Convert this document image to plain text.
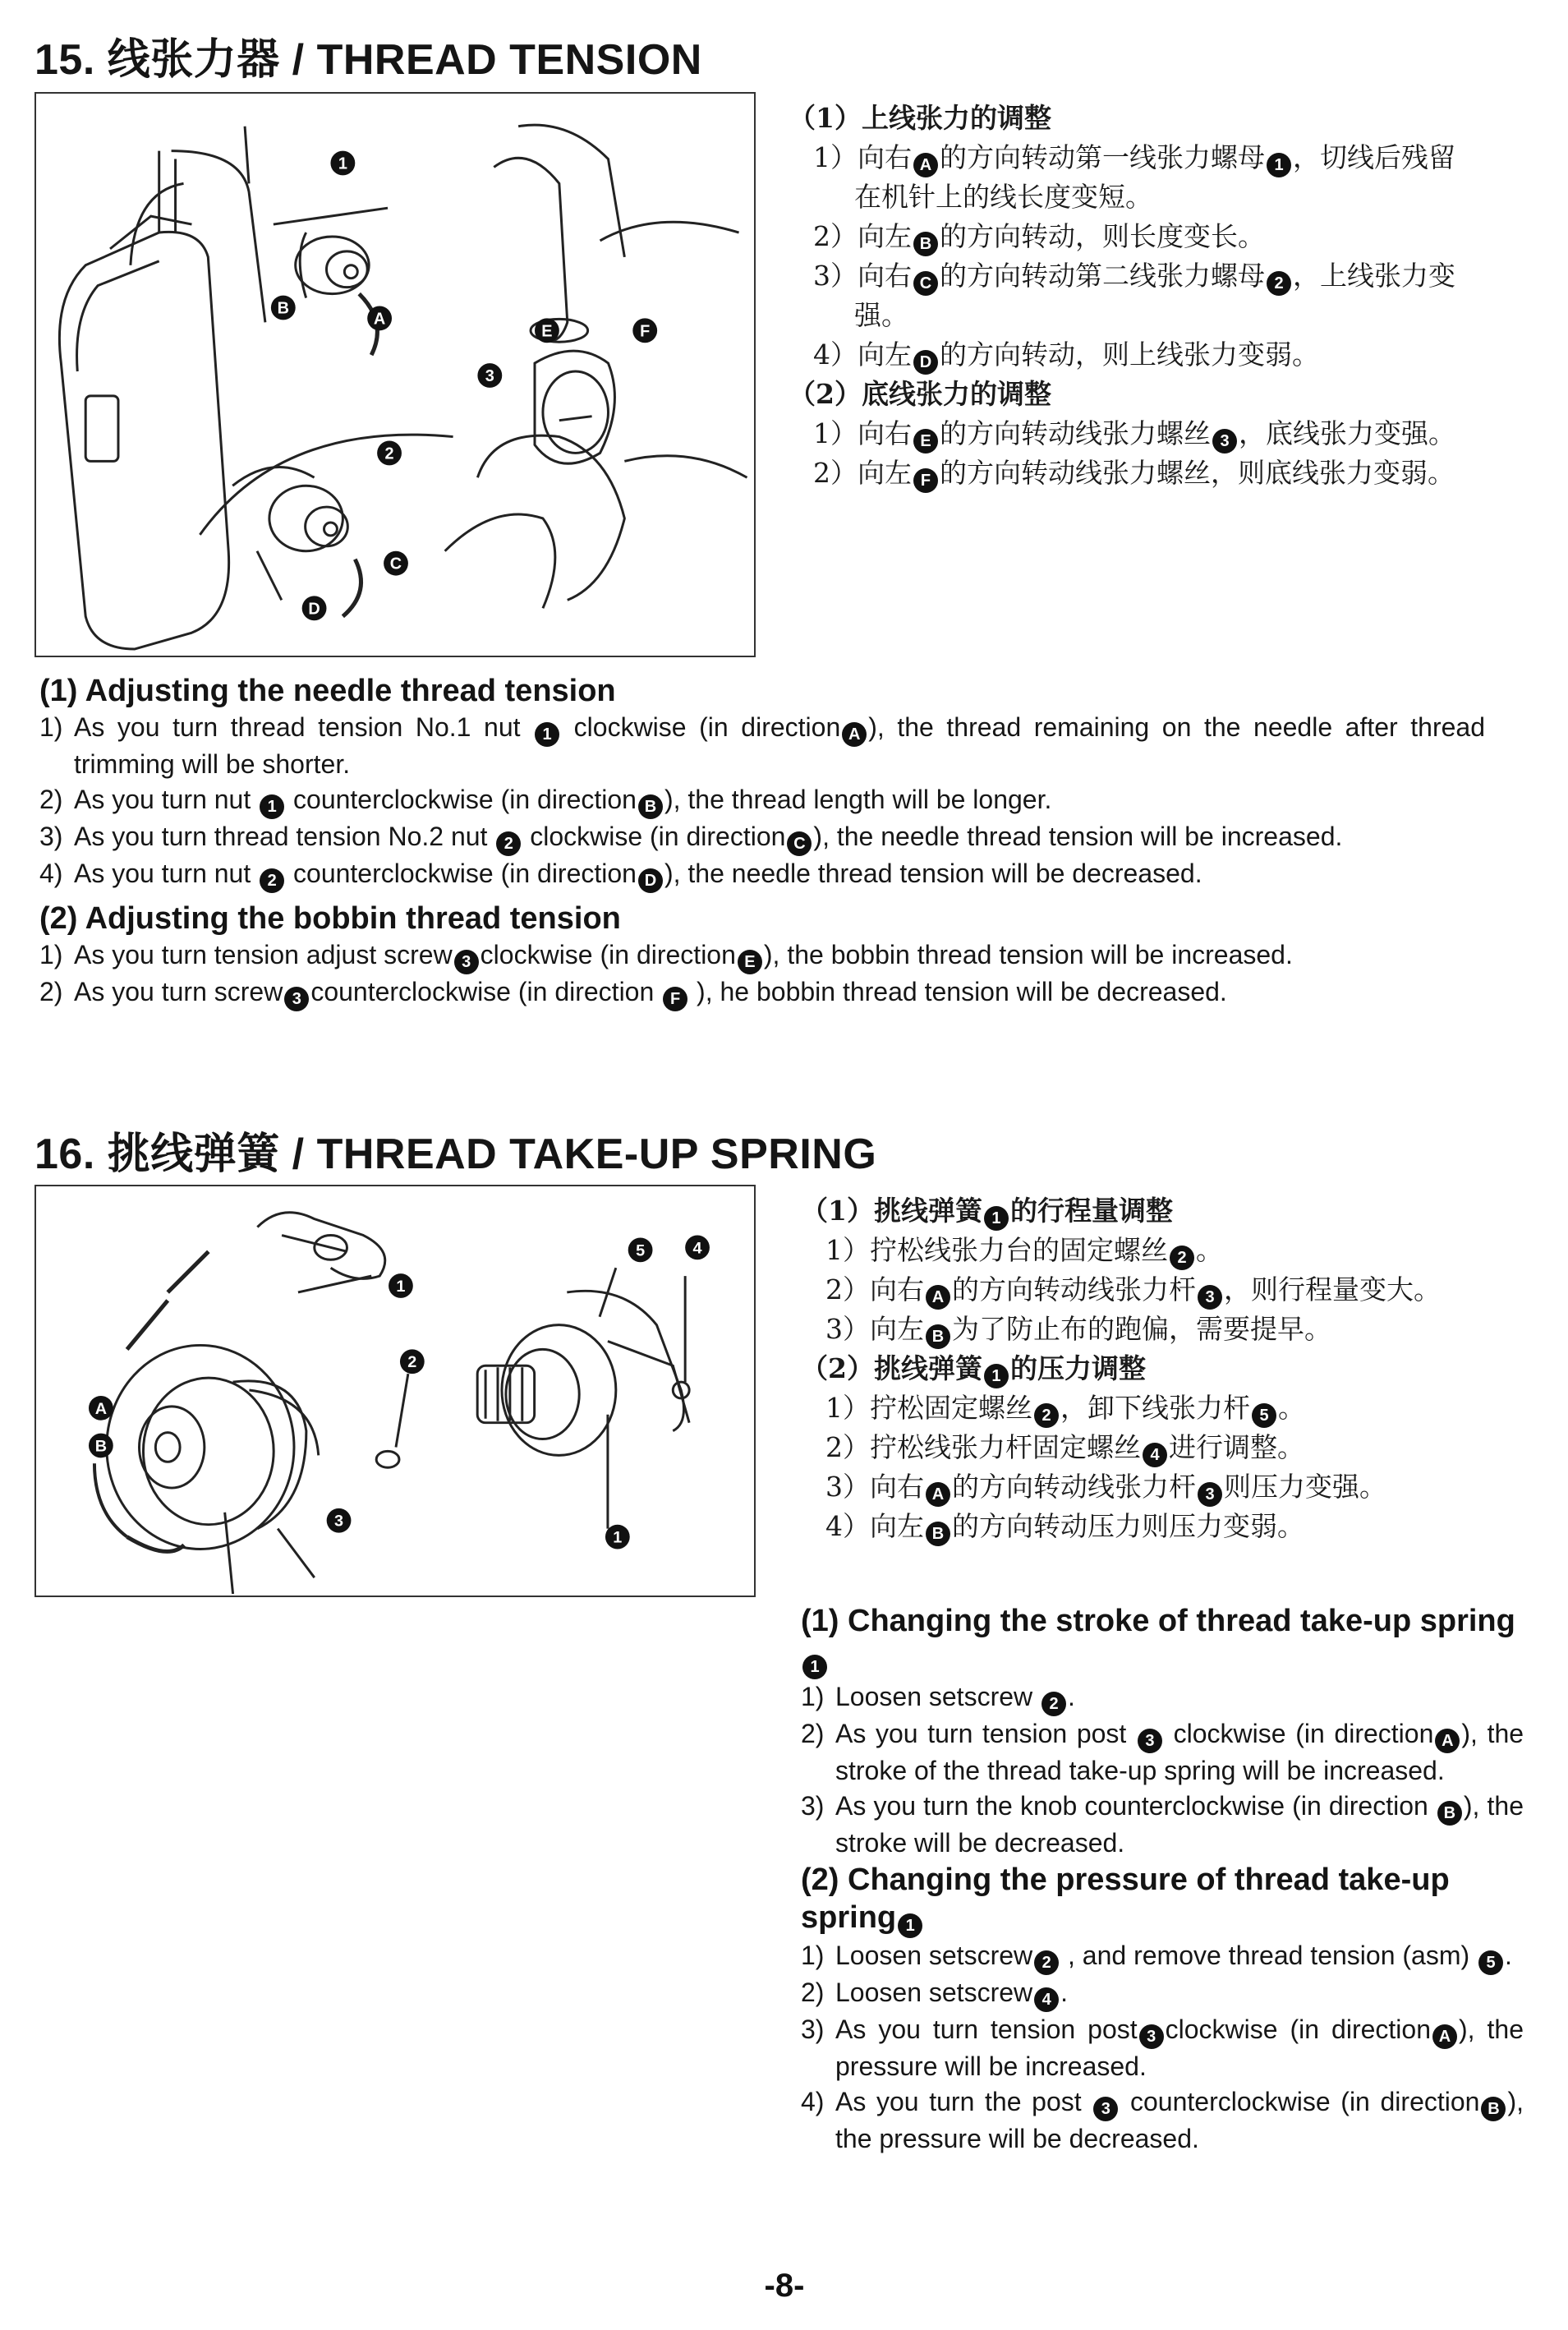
15. 线张力器 / THREAD TENSION
1
2
3
A
B
C
D
E	F
（1）上线张力的调整
1）向右 A 的方向转动第一线张力螺母 1 ，切线后残留
在机针上的线长度变短。
2）向左 B 的方向转动，则长度变长。
3）向右 C 的方向转动第二线张力螺母 2 ，上线张力变
强。
4）向左 D 的方向转动，则上线张力变弱。
（2）底线张力的调整
1）向右 E 的方向转动线张力螺丝 3 ，底线张力变强。
2）向左 F 的方向转动线张力螺丝，则底线张力变弱。
(1) Adjusting the needle thread tension
1) As you turn thread tension No.1 nut 1 clockwise (in direction A ), the thread remaining on the needle after thread trimming will be shorter.
2) As you turn nut 1 counterclockwise (in direction B ), the thread length will be longer.
3) As you turn thread tension No.2 nut 2 clockwise (in direction C ), the needle thread tension will be increased.
4) As you turn nut 2 counterclockwise (in direction D ), the needle thread tension will be decreased.
(2) Adjusting the bobbin thread tension
1) As you turn tension adjust screw 3 clockwise (in direction E ), the bobbin thread tension will be increased.
2) As you turn screw 3 counterclockwise (in direction F ), he bobbin thread tension will be decreased.
16. 挑线弹簧 / THREAD TAKE-UP SPRING
1
2
3
4
5
1
A
B
（1）挑线弹簧 1 的行程量调整
1）拧松线张力台的固定螺丝 2 。
2）向右 A 的方向转动线张力杆 3 ，则行程量变大。
3）向左 B 为了防止布的跑偏，需要提早。
（2）挑线弹簧 1 的压力调整
1）拧松固定螺丝 2 ，卸下线张力杆 5 。
2）拧松线张力杆固定螺丝 4 进行调整。
3）向右 A 的方向转动线张力杆 3 则压力变强。
4）向左 B 的方向转动压力则压力变弱。
(1) Changing the stroke of thread take-up spring1
1) Loosen setscrew 2 .
2) As you turn tension post 3 clockwise (in direction A ), the stroke of the thread take-up spring will be increased.
3) As you turn the knob counterclockwise (in direction B ), the stroke will be decreased.
(2) Changing the pressure of thread take-up spring 1
1) Loosen setscrew 2 , and remove thread tension (asm) 5 .
2) Loosen setscrew 4 .
3) As you turn tension post 3 clockwise (in direction A ), the pressure will be increased.
4) As you turn the post 3 counterclockwise (in direction B ), the pressure will be decreased.
-8-
